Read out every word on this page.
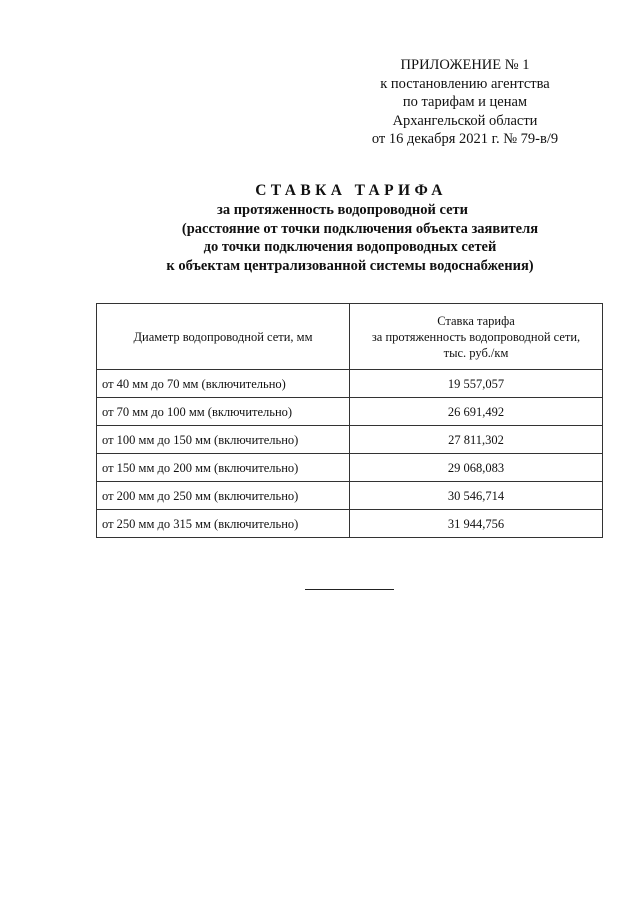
ПРИЛОЖЕНИЕ № 1
к постановлению агентства
по тарифам и ценам
Архангельской области
от 16 декабря 2021 г. № 79-в/9
СТАВКА ТАРИФА
за протяженность водопроводной сети
(расстояние от точки подключения объекта заявителя
до точки подключения водопроводных сетей
к объектам централизованной системы водоснабжения)
Диаметр водопроводной сети, мм	Ставка тарифа
за протяженность водопроводной сети,
тыс. руб./км

от 40 мм до 70 мм (включительно)	19 557,057
от 70 мм до 100 мм (включительно)	26 691,492
от 100 мм до 150 мм (включительно)	27 811,302
от 150 мм до 200 мм (включительно)	29 068,083
от 200 мм до 250 мм (включительно)	30 546,714
от 250 мм до 315 мм (включительно)	31 944,756
